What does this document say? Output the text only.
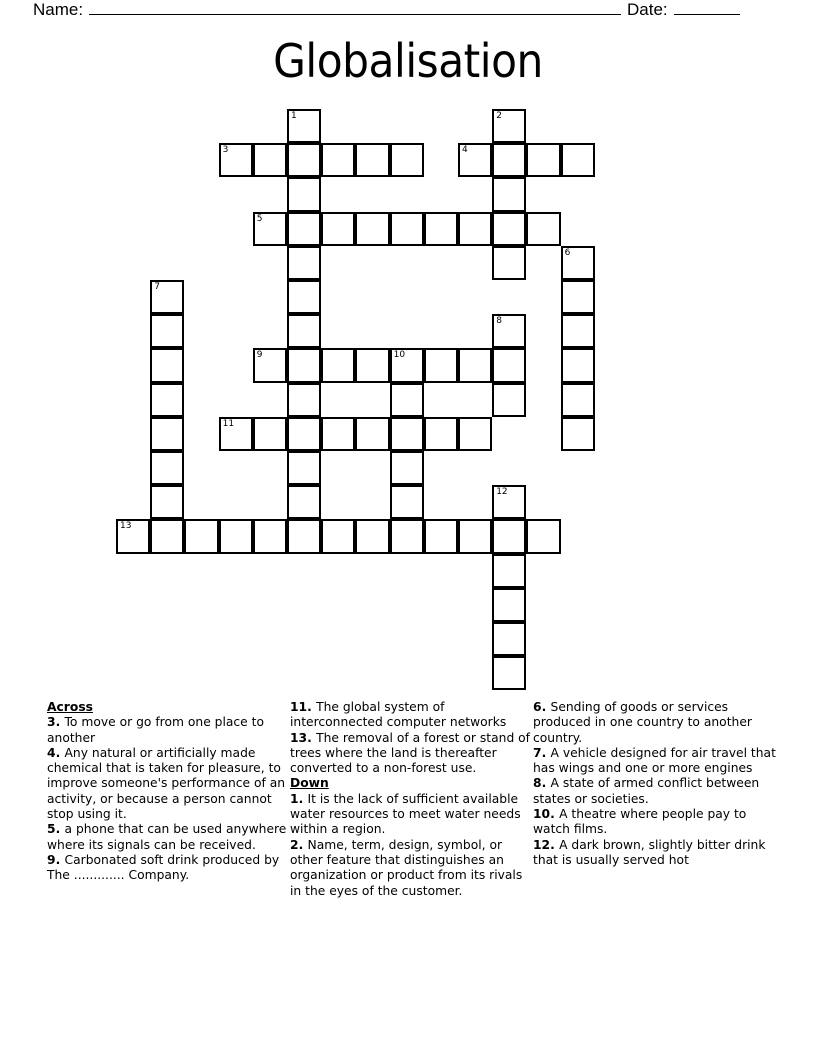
Name:	Date:
Globalisation
3	4
5
9	10
11
13
1	2
6
7
8
12
Across
3. To move or go from one place to another
4. Any natural or artificially made chemical that is taken for pleasure, to improve someone's performance of an activity, or because a person cannot stop using it.
5. a phone that can be used anywhere where its signals can be received.
9. Carbonated soft drink produced by The ............. Company.
11. The global system of interconnected computer networks
13. The removal of a forest or stand of trees where the land is thereafter converted to a non-forest use.
Down
1. It is the lack of sufficient available water resources to meet water needs within a region.
2. Name, term, design, symbol, or other feature that distinguishes an organization or product from its rivals in the eyes of the customer.
6. Sending of goods or services produced in one country to another country.
7. A vehicle designed for air travel that has wings and one or more engines
8. A state of armed conflict between states or societies.
10. A theatre where people pay to watch films.
12. A dark brown, slightly bitter drink that is usually served hot
